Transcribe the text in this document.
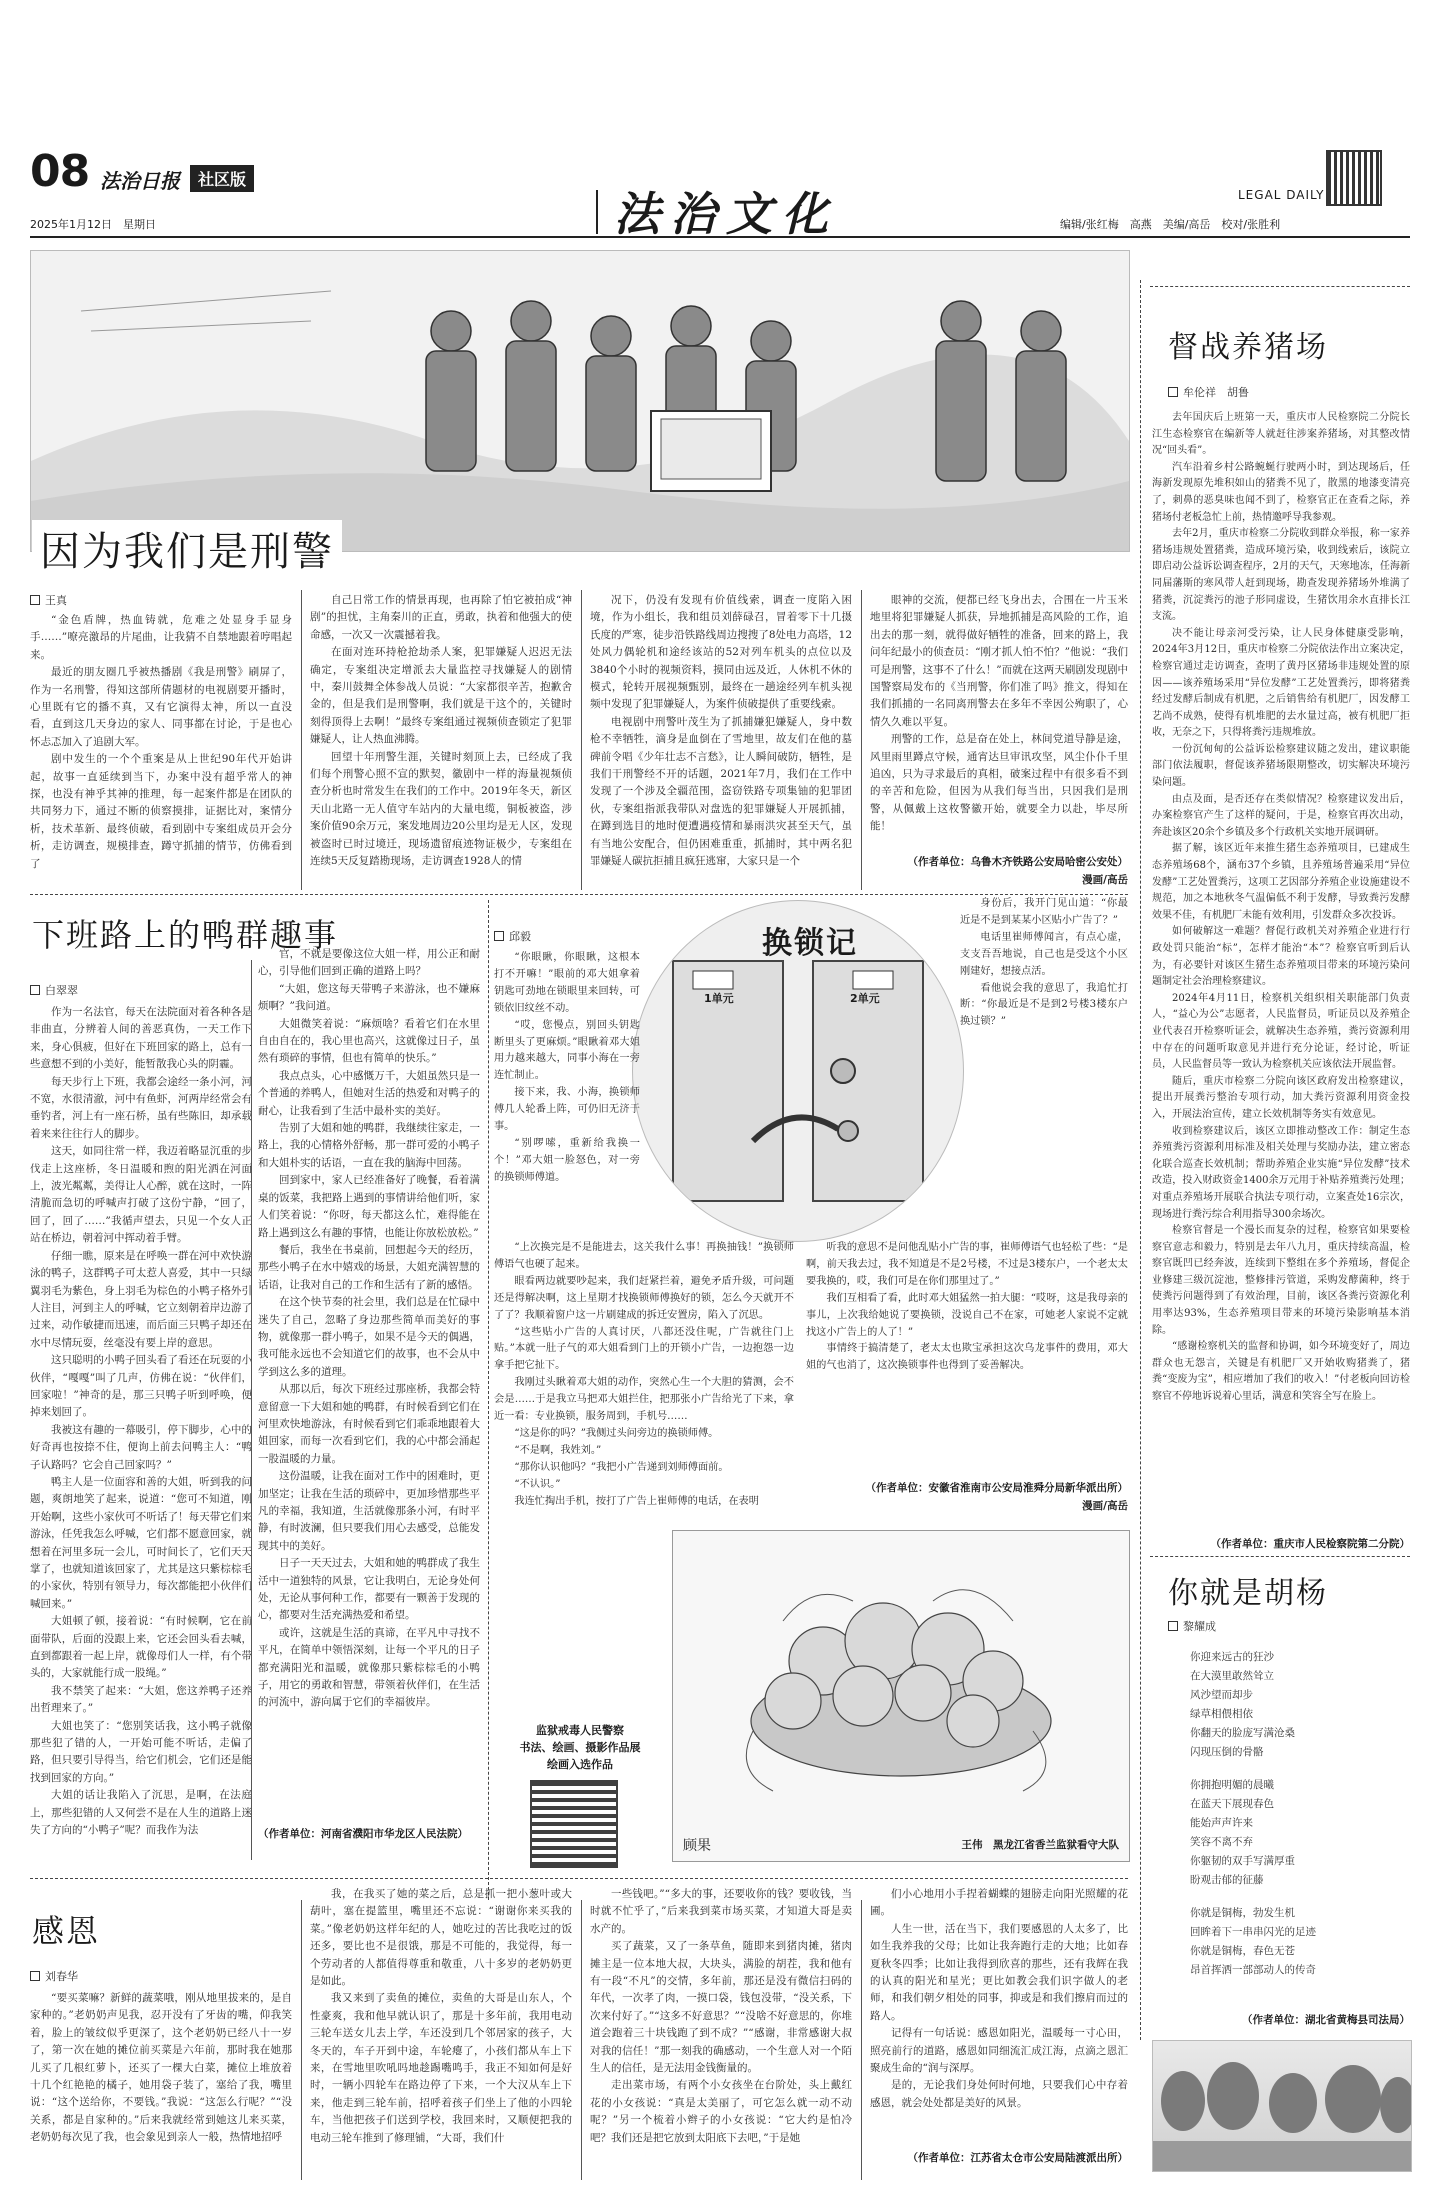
08 法治日报	社区版
2025年1月12日　 星期日	法治文化	LEGAL DAILY
编辑/张红梅　高燕　美编/高岳　校对/张胜利
因为我们是刑警
王真

“金色盾牌，热血铸就，危难之处显身手显身手……”嘹亮激昂的片尾曲，让我猜不自禁地跟着哼唱起来。

最近的朋友圈几乎被热播剧《我是刑警》刷屏了，作为一名刑警，得知这部所倩题材的电视剧要开播时，心里既有它的播不真，又有它演得太神，所以一直没看，直到这几天身边的家人、同事都在讨论，于是也心怀忐忑加入了追剧大军。

剧中发生的一个个重案是从上世纪90年代开始讲起，故事一直延续到当下，办案中没有超乎常人的神探，也没有神乎其神的推理，每一起案件都是在团队的共同努力下，通过不断的侦察摸排，证据比对，案情分析，技术革新、最终侦破，看到剧中专案组成员开会分析，走访调查，规模排查，蹲守抓捕的情节，仿佛看到了

自己日常工作的情景再现，也再除了怕它被拍成“神剧”的担忧，主角秦川的正直，勇敢，执着和他强大的使命感，一次又一次震撼着我。

在面对连环持枪抢劫杀人案，犯罪嫌疑人迟迟无法确定，专案组决定增派去大量监控寻找嫌疑人的剧情中，秦川鼓舞全体参战人员说：“大家都很辛苦，抱歉舍金的，但是我们是刑警啊，我们就是干这个的，关键时刻得顶得上去啊！”最终专案组通过视频侦查锁定了犯罪嫌疑人，让人热血沸腾。

回望十年刑警生涯，关键时刻顶上去，已经成了我们每个刑警心照不宣的默契，徽剧中一样的海量视频侦查分析也时常发生在我们的工作中。2019年冬天，新区天山北路一无人值守车站内的大量电缆，铜板被盗，涉案价值90余万元，案发地周边20公里均是无人区，发现被盗时已时过境迁，现场遗留痕迹物证极少，专案组在连续5天反复踏勘现场，走访调查1928人的情

况下，仍没有发现有价值线索，调查一度陷入困境，作为小组长，我和组员刘薛碌召，冒着零下十几摄氏度的严寒，徒步沿铁路线周边搜搜了8处电力高塔，12处风力偶轮机和途经该站的52对列车机头的点位以及3840个小时的视频资料，摸同由远及近，人休机不休的模式，轮转开展视频甄别，最终在一趟途经列车机头视频中发现了犯罪嫌疑人，为案件侦破提供了重要线索。

电视剧中刑警叶茂生为了抓捕嫌犯嫌疑人，身中数枪不幸牺牲，滴身是血倒在了雪地里，故友们在他的墓碑前令唱《少年壮志不言愁》，让人瞬间破防，牺牲，是我们干刑警经不开的话题，2021年7月，我们在工作中发现了一个涉及全疆范围，盗窃铁路专项集铀的犯罪团伙，专案组指派我带队对盘选的犯罪嫌疑人开展抓捕，在蹲到选目的地时便遭遇疫情和暴雨洪灾甚至天气，虽有当地公安配合，但仍困难重重，抓捕时，其中两名犯罪嫌疑人碳抗拒捕且疯狂逃窜，大家只是一个

眼神的交流，便都已经飞身出去，合围在一片玉米地里将犯罪嫌疑人抓获，异地抓捕是高风险的工作，追出去的那一刻，就得做好牺牲的准备，回来的路上，我问年纪最小的侦查员：“刚才抓人怕不怕？”他说：“我们可是刑警，这事不了什么！”而就在这两天刷剧发现剧中国警察局发布的《当刑警，你们准了吗》推文，得知在我们抓捕的一名同离刑警去在多年不幸因公殉职了，心情久久难以平复。

刑警的工作，总是奋在处上，林间党道导静是途，风里雨里蹲点守候，通宵达旦审讯攻坚，风尘仆仆千里追凶，只为寻求最后的真相，破案过程中有很多看不到的辛苦和危险，但因为从我们每当出，只因我们是刑警，从佩戴上这枚警徽开始，就要全力以赴，毕尽所能！

（作者单位：乌鲁木齐铁路公安局哈密公安处）
漫画/高岳
督战养猪场
牟伦祥　胡鲁

去年国庆后上班第一天，重庆市人民检察院二分院长江生态检察官在编新等人就赶往涉案养猪场，对其整改情况“回头看”。

汽车沿着乡村公路蜿蜒行驶两小时，到达现场后，任海新发现原先堆积如山的猪粪不见了，散黑的地漆变清亮了，刺鼻的恶臭味也闻不到了，检察官正在查看之际，养猪场付老板急忙上前，热情邀呼导我参观。

去年2月，重庆市检察二分院收到群众举报，称一家养猪场违规处置猪粪，造成环境污染，收到线索后，该院立即启动公益诉讼调查程序，2月的天气，天寒地冻，任海新同届藩斯的寒风带人赶到现场，勘查发现养猪场外堆满了猪粪，沉淀粪污的池子形同虚设，生猪饮用余水直排长江支流。

决不能让母亲河受污染，让人民身体健康受影响，2024年3月12日，重庆市检察二分院依法作出立案决定，检察官通过走访调查，查明了黄丹区猪场非违规处置的原因——该养殖场采用“异位发酵”工艺处置粪污，即将猪粪经过发酵后制成有机肥，之后销售给有机肥厂，因发酵工艺尚不成熟，使得有机堆肥的去水量过高，被有机肥厂拒收，无奈之下，只得将粪污违规堆放。

一份沉甸甸的公益诉讼检察建议随之发出，建议职能部门依法履职，督促该养猪场限期整改，切实解决环境污染问题。

由点及面，是否还存在类似情况？检察建议发出后，办案检察官产生了这样的疑问，于是，检察官再次出动，奔赴该区20余个乡镇及多个行政机关实地开展调研。

据了解，该区近年来推生猪生态养殖项目，已建成生态养殖场68个，涵布37个乡镇，且养殖场普遍采用“异位发酵”工艺处置粪污，这项工艺因部分养殖企业设施建设不规范，加之本地秋冬气温偏低不利于发酵，导致粪污发酵效果不佳，有机肥厂未能有效利用，引发群众多次投诉。

如何破解这一难题？督促行政机关对养殖企业进行行政处罚只能治“标”，怎样才能治“本”？检察官听到后认为，有必要针对该区生猪生态养殖项目带来的环境污染问题制定社会治理检察建议。

2024年4月11日，检察机关组织相关职能部门负责人，“益心为公”志愿者，人民监督员，听证员以及养殖企业代表召开检察听证会，就解决生态养殖，粪污资源利用中存在的问题听取意见并进行充分论证，经讨论，听证员，人民监督员等一致认为检察机关应该依法开展监督。

随后，重庆市检察二分院向该区政府发出检察建议，提出开展粪污整治专项行动，加大粪污资源利用资金投入，开展法治宣传，建立长效机制等务实有效意见。

收到检察建议后，该区立即推动整改工作：制定生态养殖粪污资源利用标准及相关处理与奖励办法，建立密态化联合巡查长效机制；帮助养殖企业实施“异位发酵”技术改造，投入财政资金1400余万元用于补贴养殖粪污处理；对重点养殖场开展联合执法专项行动，立案查处16宗次，现场进行粪污综合利用指导300余场次。

检察官督是一个漫长而复杂的过程，检察官如果要检察官意志和毅力，特别是去年八九月，重庆持续高温，检察官既凹已经奔波，连续到下整组在多个养殖场，督促企业修建三级沉淀池，整修排污管道，采购发酵菌种，终于使粪污问题得到了有效治理，目前，该区各粪污资源化利用率达93%，生态养殖项目带来的环境污染影响基本消除。

“感谢检察机关的监督和协调，如今环境变好了，周边群众也无怨言，关键是有机肥厂又开始收购猪粪了，猪粪“变废为宝”，相应增加了我们的收入！”付老板向回访检察官不停地诉说着心里话，满意和笑容全写在脸上。

（作者单位：重庆市人民检察院第二分院）
你就是胡杨
黎耀成
你迎来远古的狂沙
在大漠里敢然耸立
风沙望而却步
绿草相偎相依
你翻天的脸庞写满沧桑
闪现压倒的骨骼
你拥抱明媚的晨曦
在蓝天下展现春色
能始声声许来
笑容不离不弃
你躯韧的双手写满厚重
盼观击郁的征藤
你就是铜梅，勃发生机
回眸着下一串串闪光的足迹
你就是铜梅，春色无苍
昂首挥洒一部部动人的传奇
（作者单位：湖北省黄梅县司法局）
下班路上的鸭群趣事
白翠翠

作为一名法官，每天在法院面对着各种各是非曲直，分辨着人间的善恶真伪，一天工作下来，身心俱疲，但好在下班回家的路上，总有一些意想不到的小美好，能暂散我心头的阴霾。

每天步行上下班，我都会途经一条小河，河不宽，水很清澈，河中有鱼虾，河两岸经常会有垂钓者，河上有一座石桥，虽有些陈旧，却承载着来来往往行人的脚步。

这天，如同往常一样，我迈着略显沉重的步伐走上这座桥，冬日温暖和煦的阳光洒在河面上，波光粼粼，美得让人心醉，就在这时，一阵清脆而急切的呼喊声打破了这份宁静，“回了，回了，回了……”我循声望去，只见一个女人正站在桥边，朝着河中挥动着手臂。

仔细一瞧，原来是在呼唤一群在河中欢快游泳的鸭子，这群鸭子可太惹人喜爱，其中一只绿翼羽毛为紫色，身上羽毛为棕色的小鸭子格外引人注目，河到主人的呼喊，它立刻朝着岸边游了过来，动作敏捷而迅速，而后面三只鸭子却还在水中尽情玩耍，丝毫没有要上岸的意思。

这只聪明的小鸭子回头看了看还在玩耍的小伙伴，“嘎嘎”叫了几声，仿佛在说：“伙伴们，回家啦！”神奇的是，那三只鸭子听到呼唤，便掉来划回了。

我被这有趣的一幕吸引，停下脚步，心中的好奇再也按捺不住，便询上前去问鸭主人：“鸭子认路吗？它会自己回家吗？”

鸭主人是一位面容和善的大姐，听到我的问题，爽朗地笑了起来，说道：“您可不知道，刚开始啊，这些小家伙可不听话了！每天带它们来游泳，任凭我怎么呼喊，它们都不愿意回家，就想着在河里多玩一会儿，可时间长了，它们天天掌了，也就知道该回家了，尤其是这只紫棕棕毛的小家伙，特别有领导力，每次都能把小伙伴们喊回来。”

大姐顿了顿，接着说：“有时候啊，它在前面带队，后面的没跟上来，它还会回头看去喊，直到都跟着一起上岸，就像母们人一样，有个带头的，大家就能行成一股绳。”

我不禁笑了起来：“大姐，您这养鸭子还养出哲理来了。”

大姐也笑了：“您别笑话我，这小鸭子就像那些犯了错的人，一开始可能不听话，走偏了路，但只要引导得当，给它们机会，它们还是能找到回家的方向。”

大姐的话让我陷入了沉思，是啊，在法庭上，那些犯错的人又何尝不是在人生的道路上迷失了方向的“小鸭子”呢？而我作为法

官，不就是要像这位大姐一样，用公正和耐心，引导他们回到正确的道路上吗？

“大姐，您这每天带鸭子来游泳，也不嫌麻烦啊？”我问道。

大姐微笑着说：“麻烦啥？看着它们在水里自由自在的，我心里也高兴，这就像过日子，虽然有琐碎的事情，但也有简单的快乐。”

我点点头，心中感慨万千，大姐虽然只是一个普通的养鸭人，但她对生活的热爱和对鸭子的耐心，让我看到了生活中最朴实的美好。

告别了大姐和她的鸭群，我继续往家走，一路上，我的心情格外舒畅，那一群可爱的小鸭子和大姐朴实的话语，一直在我的脑海中回荡。

回到家中，家人已经准备好了晚餐，看着满桌的饭菜，我把路上遇到的事情讲给他们听，家人们笑着说：“你呀，每天都这么忙，难得能在路上遇到这么有趣的事情，也能让你放松放松。”

餐后，我坐在书桌前，回想起今天的经历，那些小鸭子在水中嬉戏的场景，大姐充满智慧的话语，让我对自己的工作和生活有了新的感悟。

在这个快节奏的社会里，我们总是在忙碌中迷失了自己，忽略了身边那些简单而美好的事物，就像那一群小鸭子，如果不是今天的偶遇，我可能永远也不会知道它们的故事，也不会从中学到这么多的道理。

从那以后，每次下班经过那座桥，我都会特意留意一下大姐和她的鸭群，有时候看到它们在河里欢快地游泳，有时候看到它们乖乖地跟着大姐回家，而每一次看到它们，我的心中都会涌起一股温暖的力量。

这份温暖，让我在面对工作中的困难时，更加坚定；让我在生活的琐碎中，更加珍惜那些平凡的幸福，我知道，生活就像那条小河，有时平静，有时波澜，但只要我们用心去感受，总能发现其中的美好。

日子一天天过去，大姐和她的鸭群成了我生活中一道独特的风景，它让我明白，无论身处何处，无论从事何种工作，都要有一颗善于发现的心，都要对生活充满热爱和希望。

或许，这就是生活的真谛，在平凡中寻找不平凡，在简单中领悟深刻，让每一个平凡的日子都充满阳光和温暖，就像那只紫棕棕毛的小鸭子，用它的勇敢和智慧，带领着伙伴们，在生活的河流中，游向属于它们的幸福彼岸。

（作者单位：河南省濮阳市华龙区人民法院）
邱毅	换锁记
1单元	2单元

“你眼瞅，你眼瞅，这根本打不开嘛！”眼前的邓大姐拿着钥匙可劲地在锁眼里来回转，可锁依旧纹丝不动。

“哎，您慢点，别回头钥匙断里头了更麻烦。”眼瞅着邓大姐用力越来越大，同事小海在一旁连忙制止。

接下来，我、小海，换锁师傅几人轮番上阵，可仍旧无济于事。

“别啰嗦，重新给我换一个！”邓大姐一脸怒色，对一旁的换锁师傅道。

“上次换完是不是能进去，这关我什么事！再换抽钱！”换锁师傅语气也硬了起来。

眼看两边就要吵起来，我们赶紧拦着，避免矛盾升级，可问题还是得解决啊，这上星期才找换锁师傅换好的锁，怎么今天就开不了了？我顺着窗户这一片刷建成的拆迁安置房，陷入了沉思。

“这些贴小广告的人真讨厌，八都还没住呢，广告就往门上贴。”本就一肚子气的邓大姐看到门上的开锁小广告，一边抱怨一边拿手把它扯下。

我刚过头瞅着邓大姐的动作，突然心生一个大胆的猜测，会不会是……于是我立马把邓大姐拦住，把那张小广告给光了下来，拿近一看：专业换锁，服务周到，手机号……

“这是你的吗？”我侧过头问旁边的换锁师傅。

“不是啊，我姓刘。”

“那你认识他吗？”我把小广告递到刘师傅面前。

“不认识。”

我连忙掏出手机，按打了广告上崔师傅的电话，在表明

身份后，我开门见山道：“你最近是不是到某某小区贴小广告了？”

电话里崔师傅闻言，有点心虚，支支吾吾地说，自己也是受这个小区刚建好，想接点活。

看他说会我的意思了，我追忙打断：“你最近是不是到2号楼3楼东户换过锁？”

听我的意思不是问他乱贴小广告的事，崔师傅语气也轻松了些：“是啊，前天我去过，我不知道是不是2号楼，不过是3楼东户，一个老太太要我换的，哎，我们可是在你们那里过了。”

我们互相看了看，此时邓大姐猛然一拍大腿：“哎呀，这是我母亲的事儿，上次我给她说了要换锁，没说自己不在家，可她老人家说不定就找这小广告上的人了！”

事情终于搞清楚了，老太太也欺宝承担这次乌龙事件的费用，邓大姐的气也消了，这次换锁事件也得到了妥善解决。

（作者单位：安徽省淮南市公安局淮舜分局新华派出所）
漫画/高岳
顾果	王伟　黑龙江省香兰监狱看守大队
监狱戒毒人民警察
书法、绘画、摄影作品展
绘画入选作品
感恩
刘春华

“要买菜嘛？新鲜的蔬菜哦，刚从地里拔来的，是自家种的。”老奶奶声见我，忍开没有了牙齿的嘴，仰我笑着，脸上的皱纹似乎更深了，这个老奶奶已经八十一岁了，第一次在她的摊位前买菜是六年前，那时我在她那儿买了几根红萝卜，还买了一棵大白菜，摊位上堆放着十几个红艳艳的橘子，她用袋子装了，塞给了我，嘴里说：“这个送给你，不要钱。”我说：“这怎么行呢？”“没关系，都是自家种的。”后来我就经常到她这儿来买菜，老奶奶每次见了我，也会象见到亲人一般，热情地招呼

我，在我买了她的菜之后，总是抓一把小葱叶或大葫叶，塞在提篮里，嘴里还不忘说：“谢谢你来买我的菜。”像老奶奶这样年纪的人，她吃过的苦比我吃过的饭还多，要比也不是很饿，那是不可能的，我觉得，每一个劳动者的人都值得尊重和敬重，八十多岁的老奶奶更是如此。

我又来到了卖鱼的摊位，卖鱼的大哥是山东人，个性豪爽，我和他早就认识了，那是十多年前，我用电动三轮车送女儿去上学，车还没到几个邻居家的孩子，大冬天的，车子开到中途，车轮瘪了，小孩们都从车上下来，在雪地里吹吼吗地趁踢嘴鸣手，我正不知如何是好时，一辆小四轮车在路边停了下来，一个大汉从车上下来，他走到三轮车前，招呼着孩子们坐上了他的小四轮车，当他把孩子们送到学校，我回来时，又顺便把我的电动三轮车推到了修理铺，“大哥，我们什

一些钱吧。”“多大的事，还要收你的钱？要收钱，当时就不忙乎了，”后来我到菜市场买菜，才知道大哥是卖水产的。

买了蔬菜，又了一条草鱼，随即来到猪肉摊，猪肉摊主是一位本地大叔，大块头，满脸的胡茬，我和他有有一段“不凡”的交情，多年前，那还是没有微信扫码的年代，一次孝了肉，一摸口袋，钱包没带，“没关系，下次来付好了。”“这多不好意思？”“没啥不好意思的，你堆道会跑着三十块钱跑了到不成？”“感谢，非常感谢大叔对我的信任！”那一刻我的确感动，一个生意人对一个陌生人的信任，是无法用金钱衡量的。

走出菜市场，有两个小女孩坐在台阶处，头上戴红花的小女孩说：“真是太美丽了，可它怎么就一动不动呢？”另一个梳着小辫子的小女孩说：“它大约是怕冷吧？我们还是把它放到太阳底下去吧，”于是她

们小心地用小手捏着蝴蝶的翅膀走向阳光照耀的花圃。

人生一世，活在当下，我们要感恩的人太多了，比如生我养我的父母；比如让我奔跑行走的大地；比如春夏秋冬四季；比如让我得到欣喜的那些，还有我辉在我的认真的阳光和星光；更比如教会我们识字做人的老师，和我们朝夕相处的同事，抑或是和我们擦肩而过的路人。

记得有一句话说：感恩如阳光，温暖每一寸心田，照亮前行的道路，感恩如同细流汇成江海，点滴之恩汇聚成生命的“润与深厚。

是的，无论我们身处何时何地，只要我们心中存着感恩，就会处处都是美好的风景。

（作者单位：江苏省太仓市公安局陆渡派出所）
